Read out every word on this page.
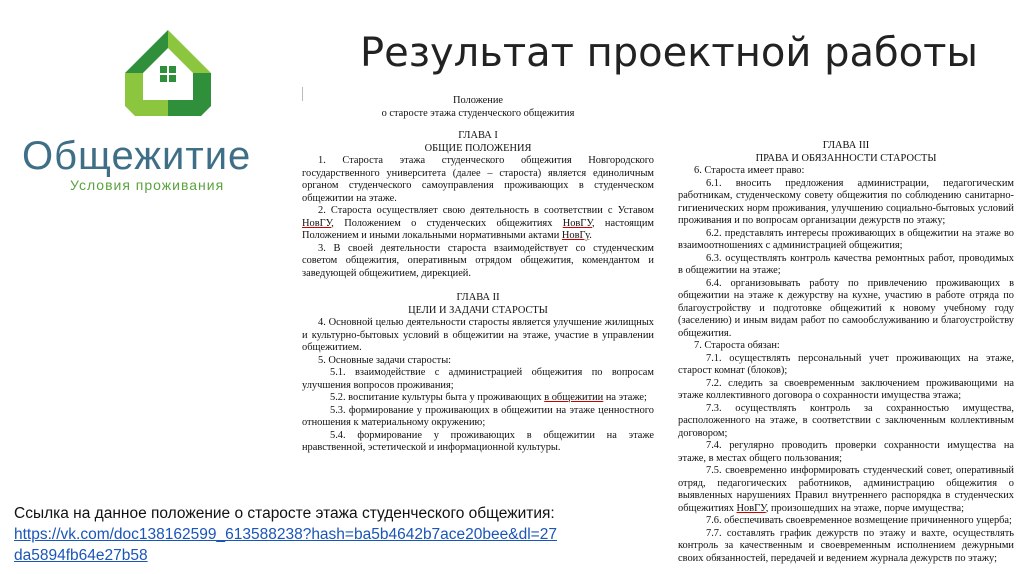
Общежитие
Условия проживания
Результат проектной работы
Положение
о старосте этажа студенческого общежития
ГЛАВА I
ОБЩИЕ ПОЛОЖЕНИЯ

1. Староста этажа студенческого общежития Новгородского государственного университета (далее – староста) является единоличным органом студенческого самоуправления проживающих в студенческом общежитии на этаже.

2. Староста осуществляет свою деятельность в соответствии с Уставом НовГУ, Положением о студенческих общежитиях НовГУ, настоящим Положением и иными локальными нормативными актами НовГу.

3. В своей деятельности староста взаимодействует со студенческим советом общежития, оперативным отрядом общежития, комендантом и заведующей общежитием, дирекцией.

ГЛАВА II
ЦЕЛИ И ЗАДАЧИ СТАРОСТЫ

4. Основной целью деятельности старосты является улучшение жилищных и культурно-бытовых условий в общежитии на этаже, участие в управлении общежитием.

5. Основные задачи старосты:

5.1. взаимодействие с администрацией общежития по вопросам улучшения вопросов проживания;

5.2. воспитание культуры быта у проживающих в общежитии на этаже;

5.3. формирование у проживающих в общежитии на этаже ценностного отношения к материальному окружению;

5.4. формирование у проживающих в общежитии на этаже нравственной, эстетической и информационной культуры.

ГЛАВА III
ПРАВА И ОБЯЗАННОСТИ СТАРОСТЫ

6. Староста имеет право:

6.1. вносить предложения администрации, педагогическим работникам, студенческому совету общежития по соблюдению санитарно-гигиенических норм проживания, улучшению социально-бытовых условий проживания и по вопросам организации дежурств по этажу;

6.2. представлять интересы проживающих в общежитии на этаже во взаимоотношениях с администрацией общежития;

6.3. осуществлять контроль качества ремонтных работ, проводимых в общежитии на этаже;

6.4. организовывать работу по привлечению проживающих в общежитии на этаже к дежурству на кухне, участию в работе отряда по благоустройству и подготовке общежитий к новому учебному году (заселению) и иным видам работ по самообслуживанию и благоустройству общежития.

7. Староста обязан:

7.1. осуществлять персональный учет проживающих на этаже, старост комнат (блоков);

7.2. следить за своевременным заключением проживающими на этаже коллективного договора о сохранности имущества этажа;

7.3. осуществлять контроль за сохранностью имущества, расположенного на этаже, в соответствии с заключенным коллективным договором;

7.4. регулярно проводить проверки сохранности имущества на этаже, в местах общего пользования;

7.5. своевременно информировать студенческий совет, оперативный отряд, педагогических работников, администрацию общежития о выявленных нарушениях Правил внутреннего распорядка в студенческих общежитиях НовГУ, произошедших на этаже, порче имущества;

7.6. обеспечивать своевременное возмещение причиненного ущерба;

7.7. составлять график дежурств по этажу и вахте, осуществлять контроль за качественным и своевременным исполнением дежурными своих обязанностей, передачей и ведением журнала дежурств по этажу;

Ссылка на данное положение о старосте этажа студенческого общежития:
https://vk.com/doc138162599_613588238?hash=ba5b4642b7ace20bee&dl=27
da5894fb64e27b58
